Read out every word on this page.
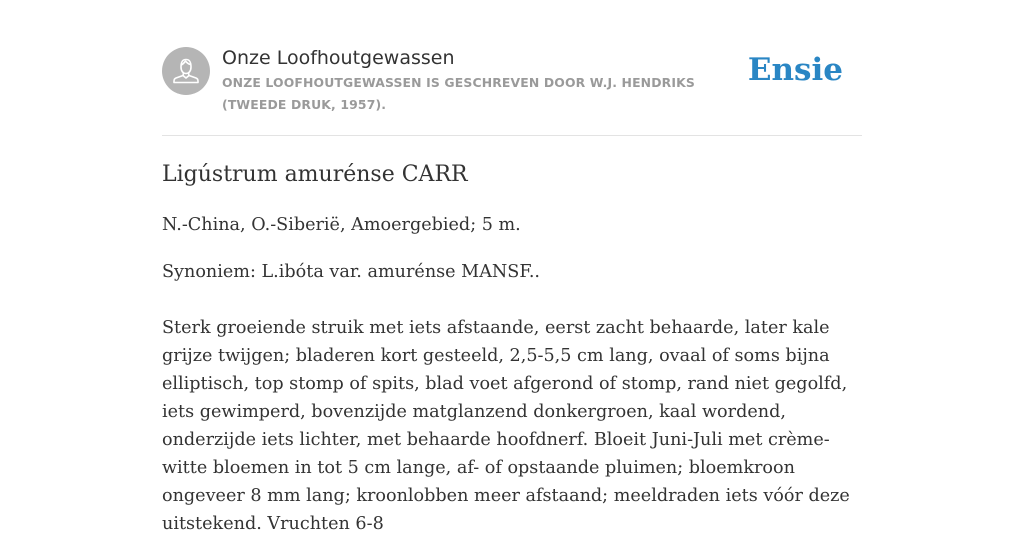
Onze Loofhoutgewassen
ONZE LOOFHOUTGEWASSEN IS GESCHREVEN DOOR W.J. HENDRIKS (TWEEDE DRUK, 1957).
Ensie
Ligústrum amurénse CARR

N.-China, O.-Siberië, Amoergebied; 5 m.

Synoniem: L.ibóta var. amurénse MANSF..

Sterk groeiende struik met iets afstaande, eerst zacht behaarde, later kale grijze twijgen; bladeren kort gesteeld, 2,5-5,5 cm lang, ovaal of soms bijna elliptisch, top stomp of spits, blad voet afgerond of stomp, rand niet gegolfd, iets gewimperd, bovenzijde matglanzend donkergroen, kaal wordend, onderzijde iets lichter, met behaarde hoofdnerf. Bloeit Juni-Juli met crème-witte bloemen in tot 5 cm lange, af- of opstaande pluimen; bloemkroon ongeveer 8 mm lang; kroonlobben meer afstaand; meeldraden iets vóór deze uitstekend. Vruchten 6-8
